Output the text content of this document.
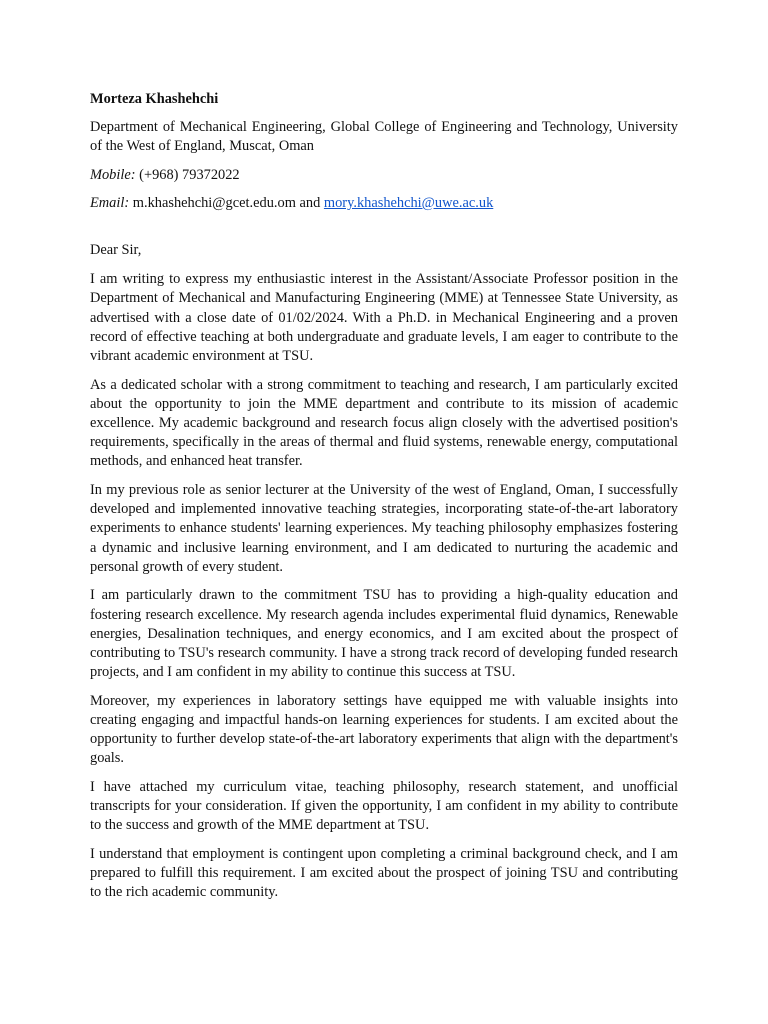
Morteza Khashehchi
Department of Mechanical Engineering, Global College of Engineering and Technology, University of the West of England, Muscat, Oman
Mobile: (+968) 79372022
Email: m.khashehchi@gcet.edu.om and mory.khashehchi@uwe.ac.uk
Dear Sir,

I am writing to express my enthusiastic interest in the Assistant/Associate Professor position in the Department of Mechanical and Manufacturing Engineering (MME) at Tennessee State University, as advertised with a close date of 01/02/2024. With a Ph.D. in Mechanical Engineering and a proven record of effective teaching at both undergraduate and graduate levels, I am eager to contribute to the vibrant academic environment at TSU.

As a dedicated scholar with a strong commitment to teaching and research, I am particularly excited about the opportunity to join the MME department and contribute to its mission of academic excellence. My academic background and research focus align closely with the advertised position's requirements, specifically in the areas of thermal and fluid systems, renewable energy, computational methods, and enhanced heat transfer.

In my previous role as senior lecturer at the University of the west of England, Oman, I successfully developed and implemented innovative teaching strategies, incorporating state-of-the-art laboratory experiments to enhance students' learning experiences. My teaching philosophy emphasizes fostering a dynamic and inclusive learning environment, and I am dedicated to nurturing the academic and personal growth of every student.

I am particularly drawn to the commitment TSU has to providing a high-quality education and fostering research excellence. My research agenda includes experimental fluid dynamics, Renewable energies, Desalination techniques, and energy economics, and I am excited about the prospect of contributing to TSU's research community. I have a strong track record of developing funded research projects, and I am confident in my ability to continue this success at TSU.

Moreover, my experiences in laboratory settings have equipped me with valuable insights into creating engaging and impactful hands-on learning experiences for students. I am excited about the opportunity to further develop state-of-the-art laboratory experiments that align with the department's goals.

I have attached my curriculum vitae, teaching philosophy, research statement, and unofficial transcripts for your consideration. If given the opportunity, I am confident in my ability to contribute to the success and growth of the MME department at TSU.

I understand that employment is contingent upon completing a criminal background check, and I am prepared to fulfill this requirement. I am excited about the prospect of joining TSU and contributing to the rich academic community.
